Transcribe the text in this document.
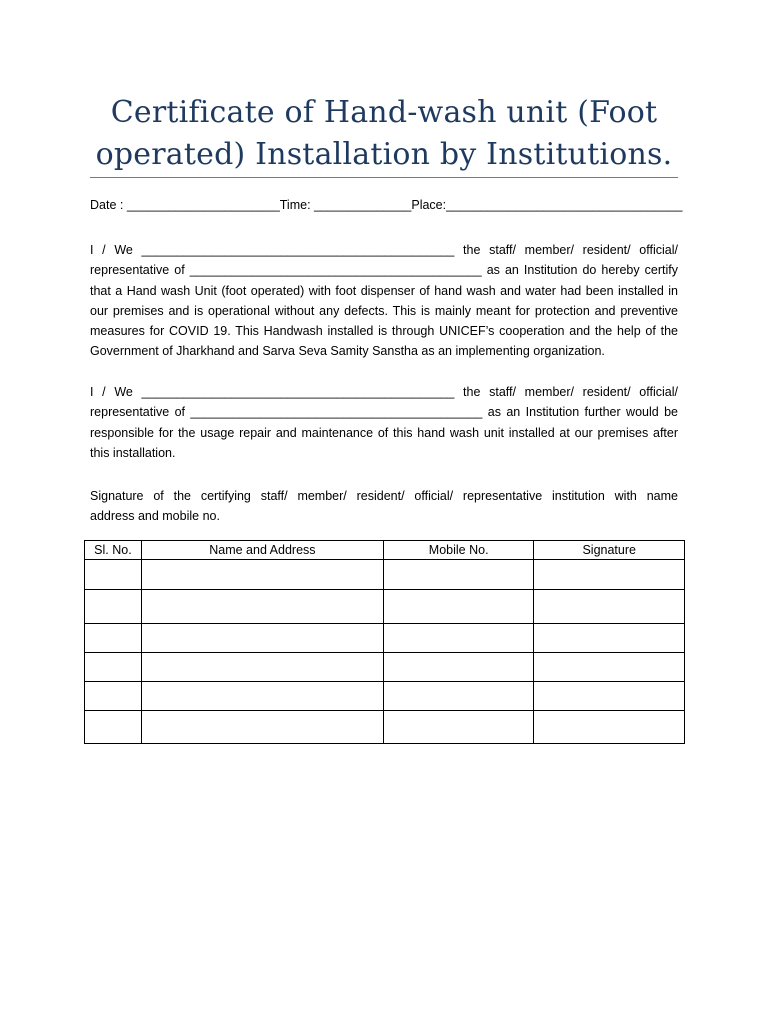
Certificate of Hand-wash unit (Foot
operated) Installation by Institutions.
Date : ______________________Time: ______________Place:__________________________________
I / We _____________________________________________ the staff/ member/ resident/ official/
representative of __________________________________________ as an Institution do hereby certify
that a Hand wash Unit (foot operated) with foot dispenser of hand wash and water had been installed in
our premises and is operational without any defects. This is mainly meant for protection and preventive
measures for COVID 19. This Handwash installed is through UNICEF’s cooperation and the help of the
Government of Jharkhand and Sarva Seva Samity Sanstha as an implementing organization.
I / We _____________________________________________ the staff/ member/ resident/ official/
representative of __________________________________________ as an Institution further would be
responsible for the usage repair and maintenance of this hand wash unit installed at our premises after
this installation.
Signature of the certifying staff/ member/ resident/ official/ representative institution with name
address and mobile no.
Sl. No.	Name and Address	Mobile No.	Signature
